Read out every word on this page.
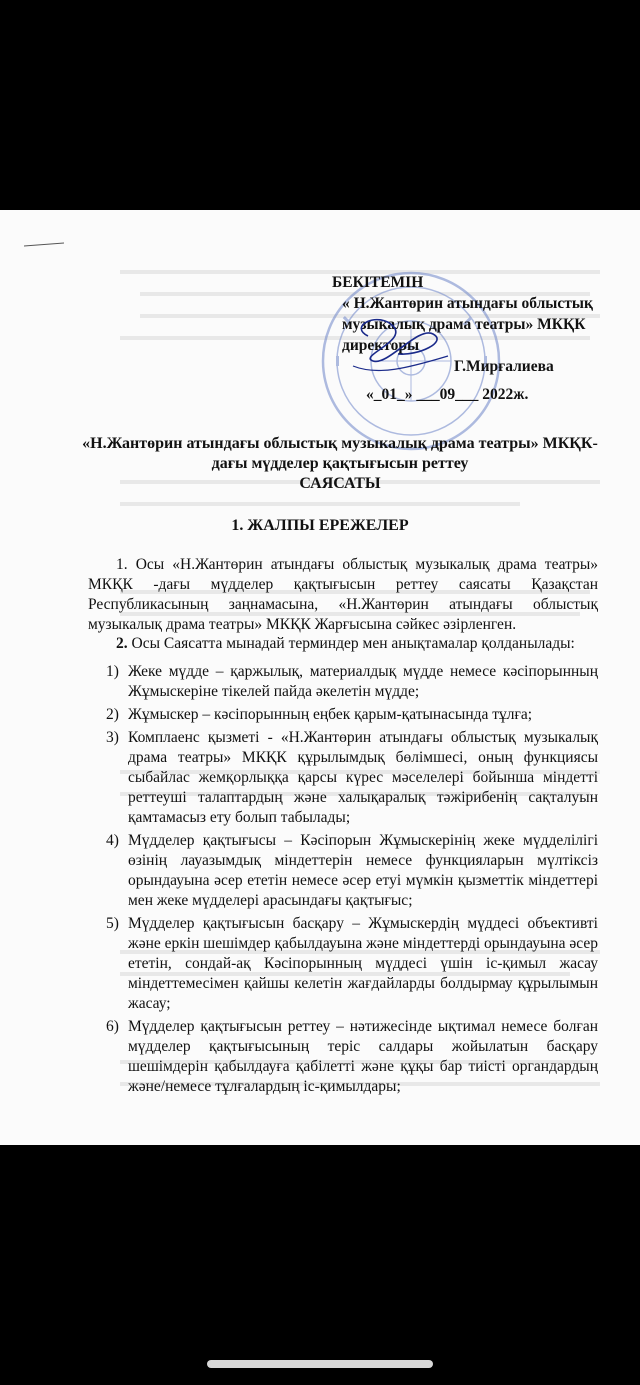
БЕКІТЕМІН
« Н.Жантөрин атындағы облыстық
музыкалық драма театры» МКҚК
директоры
Г.Мирғалиева
«_01_» ___09___ 2022ж.
«Н.Жантөрин атындағы облыстық музыкалық драма театры» МКҚК-
дағы мүдделер қақтығысын реттеу
САЯСАТЫ
1. ЖАЛПЫ ЕРЕЖЕЛЕР
1. Осы «Н.Жантөрин атындағы облыстық музыкалық драма театры» МКҚК -дағы мүдделер қақтығысын реттеу саясаты Қазақстан Республикасының заңнамасына, «Н.Жантөрин атындағы облыстық музыкалық драма театры» МКҚК Жарғысына сәйкес әзірленген.
2. Осы Саясатта мынадай терминдер мен анықтамалар қолданылады:
1) Жеке мүдде – қаржылық, материалдық мүдде немесе кәсіпорынның Жұмыскеріне тікелей пайда әкелетін мүдде;
2) Жұмыскер – кәсіпорынның еңбек қарым-қатынасында тұлға;
3) Комплаенс қызметі - «Н.Жантөрин атындағы облыстық музыкалық драма театры» МКҚК құрылымдық бөлімшесі, оның функциясы сыбайлас жемқорлыққа қарсы күрес мәселелері бойынша міндетті реттеуші талаптардың және халықаралық тәжірибенің сақталуын қамтамасыз ету болып табылады;
4) Мүдделер қақтығысы – Кәсіпорын Жұмыскерінің жеке мүдделілігі өзінің лауазымдық міндеттерін немесе функцияларын мүлтіксіз орындауына әсер ететін немесе әсер етуі мүмкін қызметтік міндеттері мен жеке мүдделері арасындағы қақтығыс;
5) Мүдделер қақтығысын басқару – Жұмыскердің мүддесі объективті және еркін шешімдер қабылдауына және міндеттерді орындауына әсер ететін, сондай-ақ Кәсіпорынның мүддесі үшін іс-қимыл жасау міндеттемесімен қайшы келетін жағдайларды болдырмау құрылымын жасау;
6) Мүдделер қақтығысын реттеу – нәтижесінде ықтимал немесе болған мүдделер қақтығысының теріс салдары жойылатын басқару шешімдерін қабылдауға қабілетті және құқы бар тиісті органдардың және/немесе тұлғалардың іс-қимылдары;
